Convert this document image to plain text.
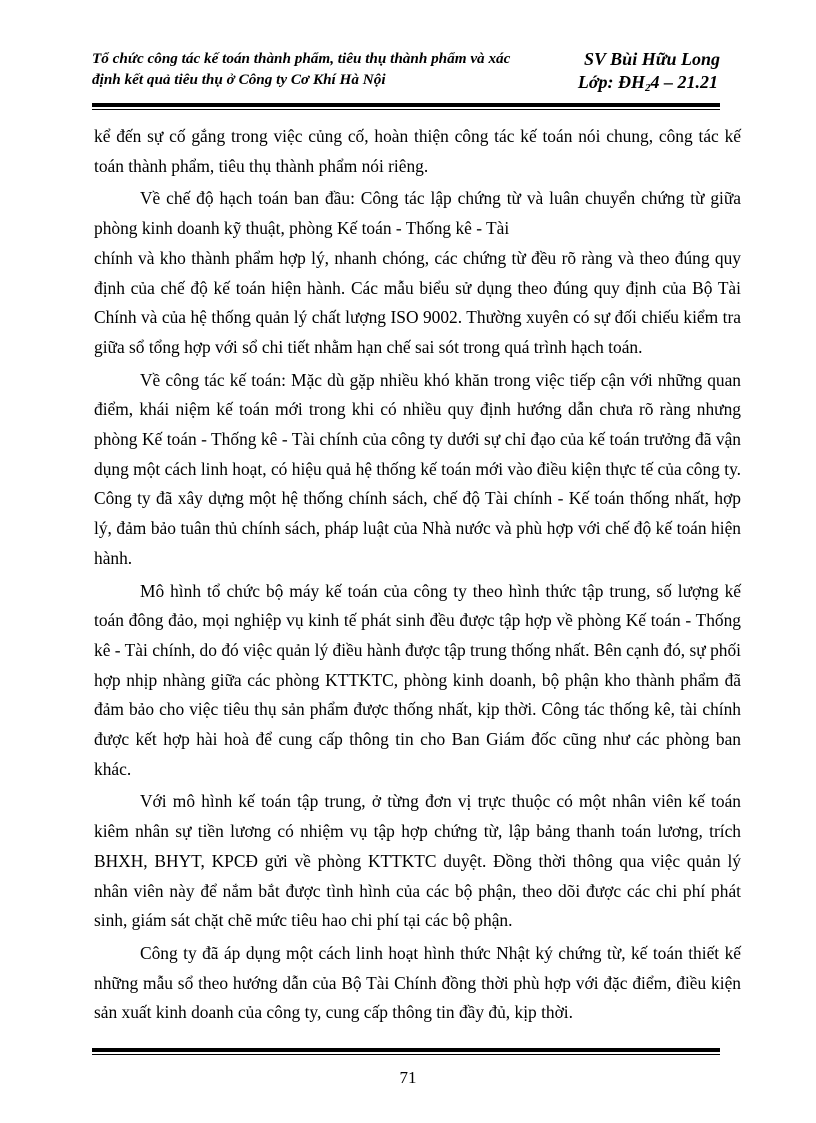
Tổ chức công tác kế toán thành phẩm, tiêu thụ thành phẩm và xác
định kết quả tiêu thụ ở Công ty Cơ Khí Hà Nội
SV Bùi Hữu Long
Lớp: $ĐH_24 - 21.21$

kể đến sự cố gắng trong việc củng cố, hoàn thiện công tác kế toán nói chung, công tác kế toán thành phẩm, tiêu thụ thành phẩm nói riêng.

Về chế độ hạch toán ban đầu: Công tác lập chứng từ và luân chuyển chứng từ giữa phòng kinh doanh kỹ thuật, phòng Kế toán - Thống kê - Tài

chính và kho thành phẩm hợp lý, nhanh chóng, các chứng từ đều rõ ràng và theo đúng quy định của chế độ kế toán hiện hành. Các mẫu biểu sử dụng theo đúng quy định của Bộ Tài Chính và của hệ thống quản lý chất lượng ISO 9002. Thường xuyên có sự đối chiếu kiểm tra giữa sổ tổng hợp với sổ chi tiết nhằm hạn chế sai sót trong quá trình hạch toán.

Về công tác kế toán: Mặc dù gặp nhiều khó khăn trong việc tiếp cận với những quan điểm, khái niệm kế toán mới trong khi có nhiều quy định hướng dẫn chưa rõ ràng nhưng phòng Kế toán - Thống kê - Tài chính của công ty dưới sự chỉ đạo của kế toán trưởng đã vận dụng một cách linh hoạt, có hiệu quả hệ thống kế toán mới vào điều kiện thực tế của công ty. Công ty đã xây dựng một hệ thống chính sách, chế độ Tài chính - Kế toán thống nhất, hợp lý, đảm bảo tuân thủ chính sách, pháp luật của Nhà nước và phù hợp với chế độ kế toán hiện hành.

Mô hình tổ chức bộ máy kế toán của công ty theo hình thức tập trung, số lượng kế toán đông đảo, mọi nghiệp vụ kinh tế phát sinh đều được tập hợp về phòng Kế toán - Thống kê - Tài chính, do đó việc quản lý điều hành được tập trung thống nhất. Bên cạnh đó, sự phối hợp nhịp nhàng giữa các phòng KTTKTC, phòng kinh doanh, bộ phận kho thành phẩm đã đảm bảo cho việc tiêu thụ sản phẩm được thống nhất, kịp thời. Công tác thống kê, tài chính được kết hợp hài hoà để cung cấp thông tin cho Ban Giám đốc cũng như các phòng ban khác.

Với mô hình kế toán tập trung, ở từng đơn vị trực thuộc có một nhân viên kế toán kiêm nhân sự tiền lương có nhiệm vụ tập hợp chứng từ, lập bảng thanh toán lương, trích BHXH, BHYT, KPCĐ gửi về phòng KTTKTC duyệt. Đồng thời thông qua việc quản lý nhân viên này để nắm bắt được tình hình của các bộ phận, theo dõi được các chi phí phát sinh, giám sát chặt chẽ mức tiêu hao chi phí tại các bộ phận.

Công ty đã áp dụng một cách linh hoạt hình thức Nhật ký chứng từ, kế toán thiết kế những mẫu sổ theo hướng dẫn của Bộ Tài Chính đồng thời phù hợp với đặc điểm, điều kiện sản xuất kinh doanh của công ty, cung cấp thông tin đầy đủ, kịp thời.

71
